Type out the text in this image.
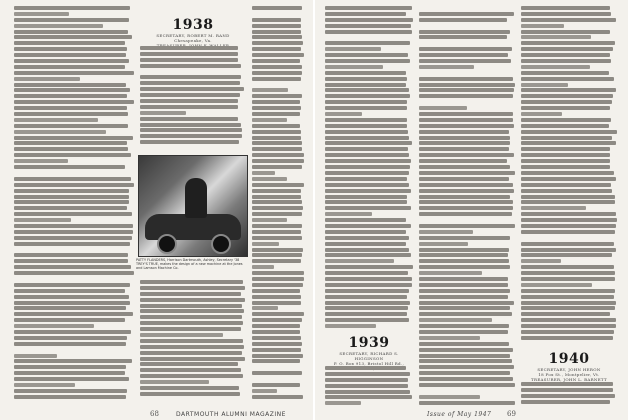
1938
SECRETARY, ROBERT M. RAND
Chesapeake, Va.
PATTY FLANDERS, Harrison Dartmouth, Ashley, Secretary '38 TREY'S TRUE, makes the design of a new machine at the Jones and Lamson Machine Co.
68	DARTMOUTH ALUMNI MAGAZINE
1939
SECRETARY, RICHARD S. HIGGINSON
P. O. Box 913, Bristol Hill Rd.,	1940
SECRETARY, JOHN HERON
18 Fox St., Montpelier, Vt.
TREASURER, JOHN L. BARNETT
Issue of May 1947 69
